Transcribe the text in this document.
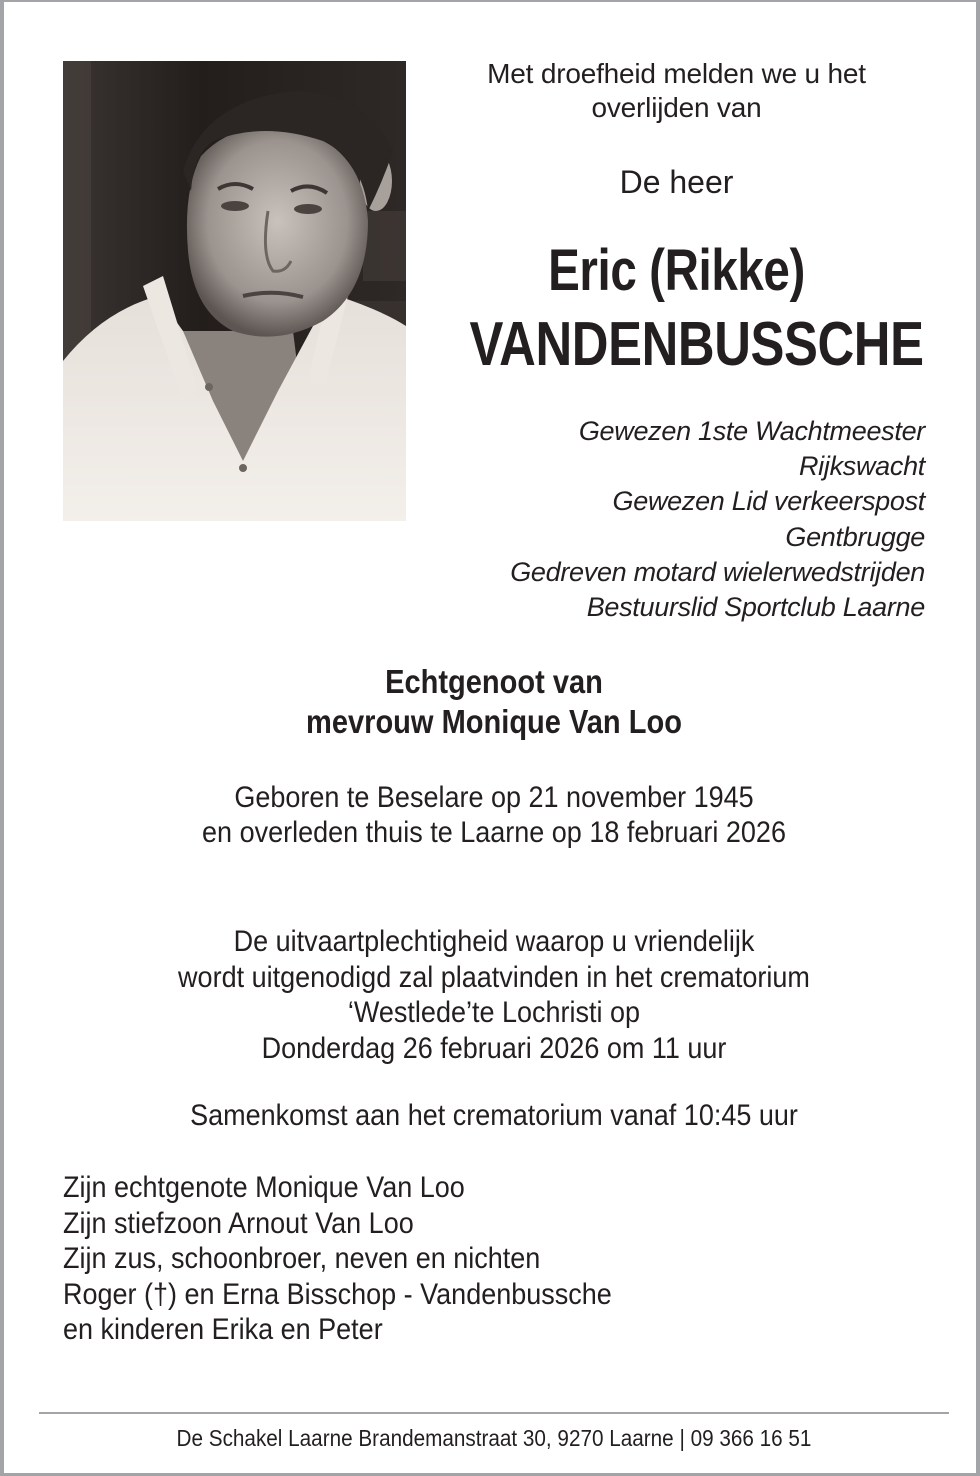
Met droefheid melden we u het
overlijden van
De heer
Eric (Rikke)
VANDENBUSSCHE
Gewezen 1ste Wachtmeester
Rijkswacht
Gewezen Lid verkeerspost
Gentbrugge
Gedreven motard wielerwedstrijden
Bestuurslid Sportclub Laarne
Echtgenoot van
mevrouw Monique Van Loo
Geboren te Beselare op 21 november 1945
en overleden thuis te Laarne op 18 februari 2026
De uitvaartplechtigheid waarop u vriendelijk
wordt uitgenodigd zal plaatvinden in het crematorium
‘Westlede’te Lochristi op
Donderdag 26 februari 2026 om 11 uur
Samenkomst aan het crematorium vanaf 10:45 uur
Zijn echtgenote Monique Van Loo
Zijn stiefzoon Arnout Van Loo
Zijn zus, schoonbroer, neven en nichten
Roger (†) en Erna Bisschop - Vandenbussche
en kinderen Erika en Peter
De Schakel Laarne Brandemanstraat 30, 9270 Laarne | 09 366 16 51
